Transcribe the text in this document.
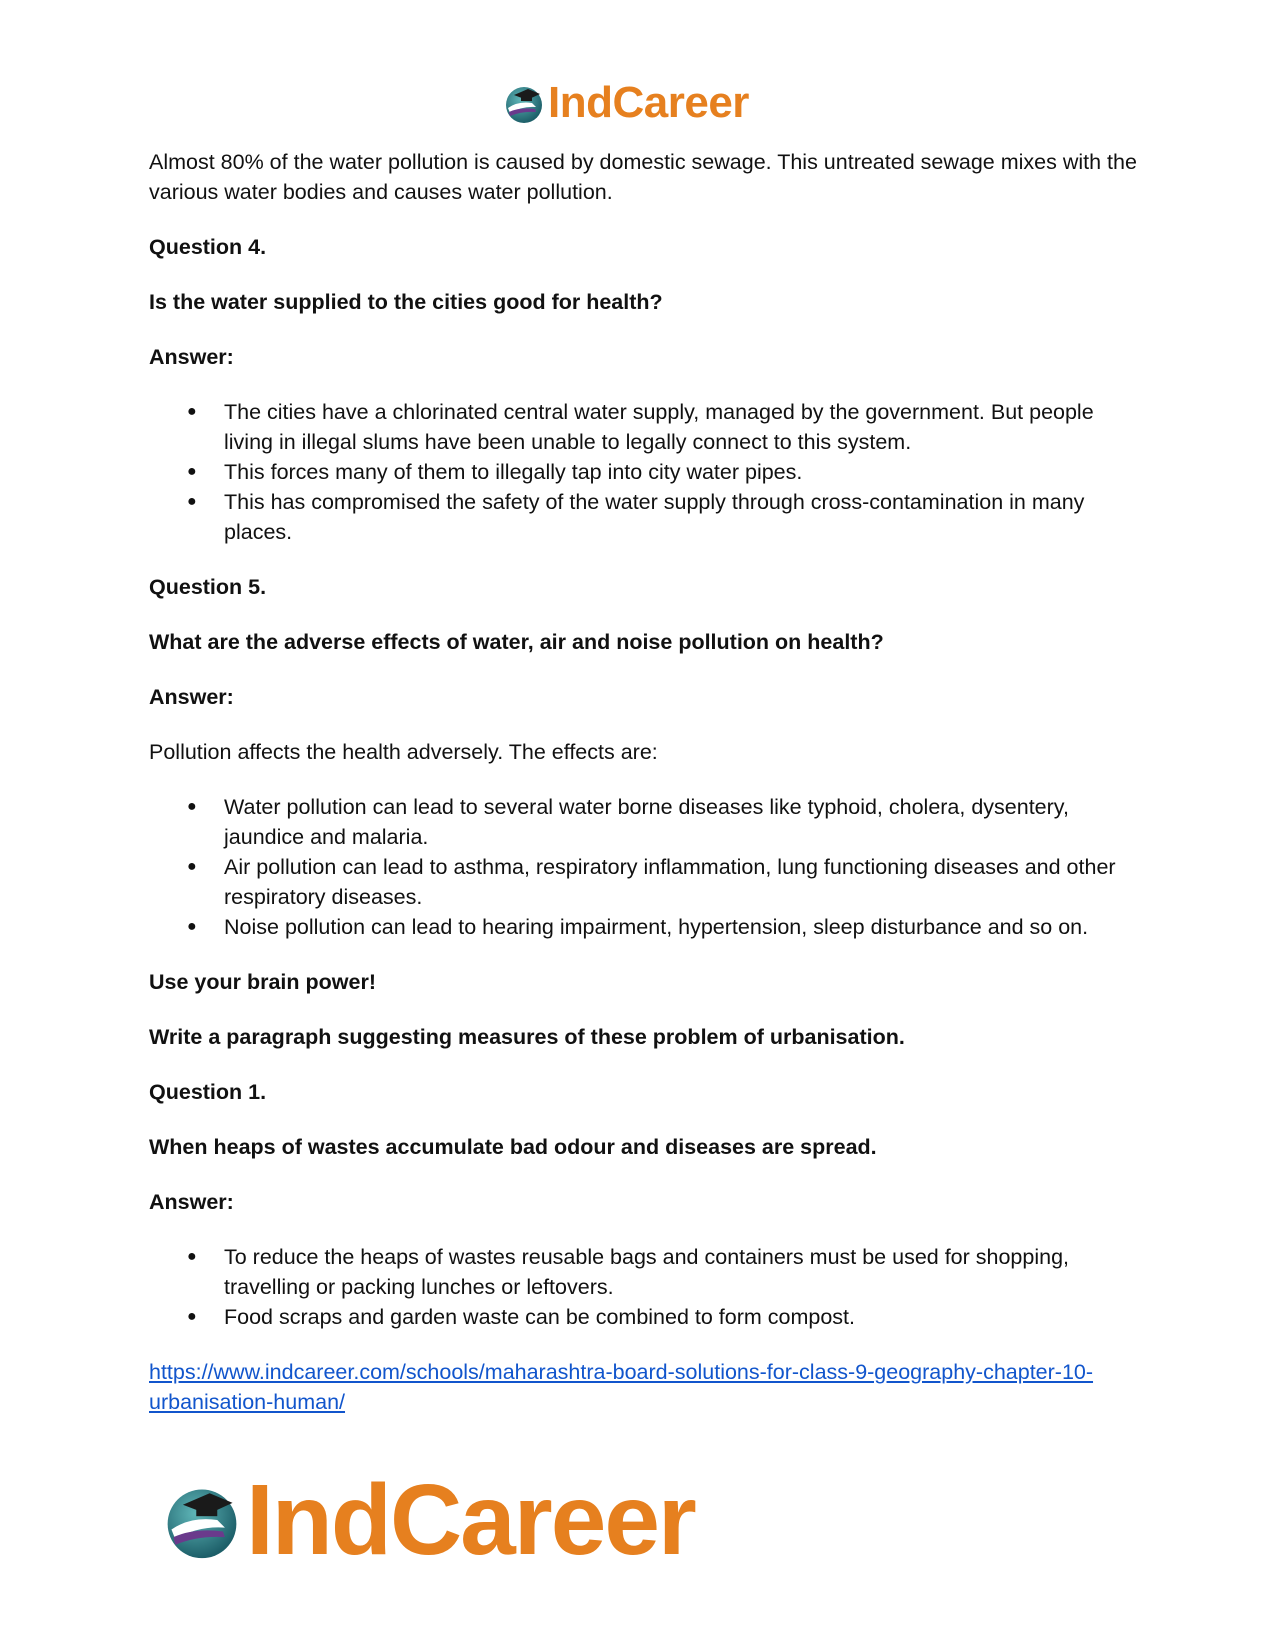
IndCareer

Almost 80% of the water pollution is caused by domestic sewage. This untreated sewage mixes with the various water bodies and causes water pollution.

Question 4.

Is the water supplied to the cities good for health?

Answer:

● The cities have a chlorinated central water supply, managed by the government. But people living in illegal slums have been unable to legally connect to this system.
● This forces many of them to illegally tap into city water pipes.
● This has compromised the safety of the water supply through cross-contamination in many places.

Question 5.

What are the adverse effects of water, air and noise pollution on health?

Answer:

Pollution affects the health adversely. The effects are:

● Water pollution can lead to several water borne diseases like typhoid, cholera, dysentery, jaundice and malaria.
● Air pollution can lead to asthma, respiratory inflammation, lung functioning diseases and other respiratory diseases.
● Noise pollution can lead to hearing impairment, hypertension, sleep disturbance and so on.

Use your brain power!

Write a paragraph suggesting measures of these problem of urbanisation.

Question 1.

When heaps of wastes accumulate bad odour and diseases are spread.

Answer:

● To reduce the heaps of wastes reusable bags and containers must be used for shopping, travelling or packing lunches or leftovers.
● Food scraps and garden waste can be combined to form compost.

https://www.indcareer.com/schools/maharashtra-board-solutions-for-class-9-geography-chapter-10-urbanisation-human/

IndCareer
